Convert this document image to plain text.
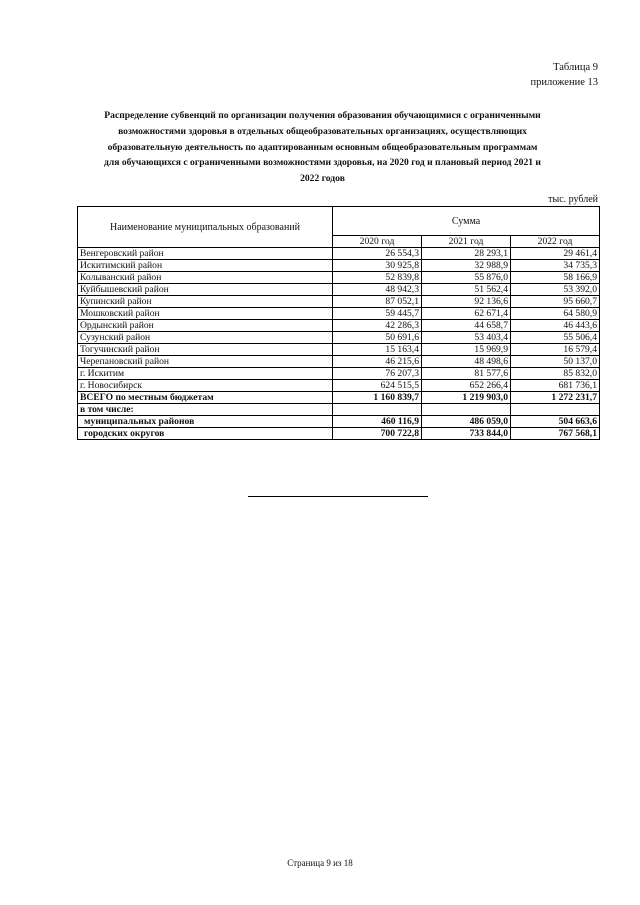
Таблица 9
приложение 13
Распределение субвенций по организации получения образования обучающимися с ограниченными
возможностями здоровья в отдельных общеобразовательных организациях, осуществляющих
образовательную деятельность по адаптированным основным общеобразовательным программам
для обучающихся с ограниченными возможностями здоровья, на 2020 год и плановый период 2021 и
2022 годов
тыс. рублей
Наименование муниципальных образований	Сумма		
	2020 год	2021 год	2022 год
Венгеровский район	26 554,3	28 293,1	29 461,4
Искитимский район	30 925,8	32 988,9	34 735,3
Колыванский район	52 839,8	55 876,0	58 166,9
Куйбышевский район	48 942,3	51 562,4	53 392,0
Купинский район	87 052,1	92 136,6	95 660,7
Мошковский район	59 445,7	62 671,4	64 580,9
Ордынский район	42 286,3	44 658,7	46 443,6
Сузунский район	50 691,6	53 403,4	55 506,4
Тогучинский район	15 163,4	15 969,9	16 579,4
Черепановский район	46 215,6	48 498,6	50 137,0
г. Искитим	76 207,3	81 577,6	85 832,0
г. Новосибирск	624 515,5	652 266,4	681 736,1
ВСЕГО по местным бюджетам	1 160 839,7	1 219 903,0	1 272 231,7
в том числе:			
муниципальных районов	460 116,9	486 059,0	504 663,6
городских округов	700 722,8	733 844,0	767 568,1
Страница 9 из 18
